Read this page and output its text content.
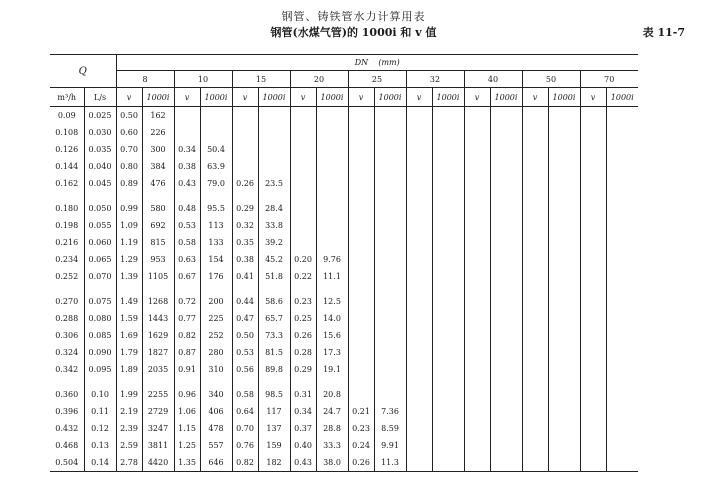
钢管、铸铁管水力计算用表
钢管(水煤气管)的 1000i 和 v 值	表 11-7
Q		DN (mm)																	
		8		10		15		20		25		32		40		50		70	
m³/h	L/s	v	1000i	v	1000i	v	1000i	v	1000i	v	1000i	v	1000i	v	1000i	v	1000i	v	1000i
0.09	0.025	0.50	162																
0.108	0.030	0.60	226																
0.126	0.035	0.70	300	0.34	50.4														
0.144	0.040	0.80	384	0.38	63.9														
0.162	0.045	0.89	476	0.43	79.0	0.26	23.5												

0.180	0.050	0.99	580	0.48	95.5	0.29	28.4												
0.198	0.055	1.09	692	0.53	113	0.32	33.8												
0.216	0.060	1.19	815	0.58	133	0.35	39.2												
0.234	0.065	1.29	953	0.63	154	0.38	45.2	0.20	9.76										
0.252	0.070	1.39	1105	0.67	176	0.41	51.8	0.22	11.1										

0.270	0.075	1.49	1268	0.72	200	0.44	58.6	0.23	12.5										
0.288	0.080	1.59	1443	0.77	225	0.47	65.7	0.25	14.0										
0.306	0.085	1.69	1629	0.82	252	0.50	73.3	0.26	15.6										
0.324	0.090	1.79	1827	0.87	280	0.53	81.5	0.28	17.3										
0.342	0.095	1.89	2035	0.91	310	0.56	89.8	0.29	19.1										

0.360	0.10	1.99	2255	0.96	340	0.58	98.5	0.31	20.8										
0.396	0.11	2.19	2729	1.06	406	0.64	117	0.34	24.7	0.21	7.36								
0.432	0.12	2.39	3247	1.15	478	0.70	137	0.37	28.8	0.23	8.59								
0.468	0.13	2.59	3811	1.25	557	0.76	159	0.40	33.3	0.24	9.91								
0.504	0.14	2.78	4420	1.35	646	0.82	182	0.43	38.0	0.26	11.3								
